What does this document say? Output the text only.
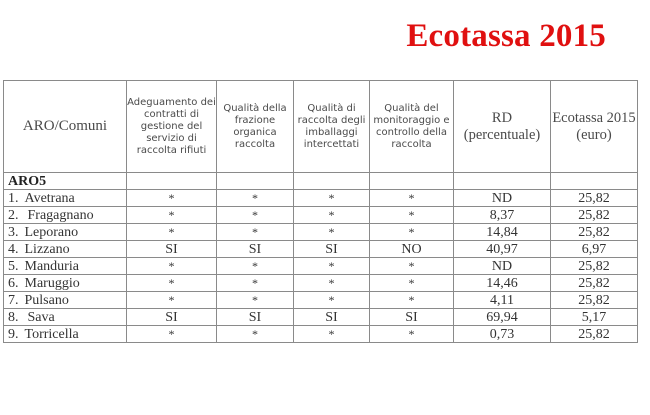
Ecotassa 2015
ARO/Comuni	Adeguamento dei contratti di gestione del servizio di raccolta rifiuti	Qualità della frazione organica raccolta	Qualità di raccolta degli imballaggi intercettati	Qualità del monitoraggio e controllo della raccolta	RD (percentuale)	Ecotassa 2015 (euro)
ARO5						
1. Avetrana	*	*	*	*	ND	25,82
2. Fragagnano	*	*	*	*	8,37	25,82
3. Leporano	*	*	*	*	14,84	25,82
4. Lizzano	SI	SI	SI	NO	40,97	6,97
5. Manduria	*	*	*	*	ND	25,82
6. Maruggio	*	*	*	*	14,46	25,82
7. Pulsano	*	*	*	*	4,11	25,82
8. Sava	SI	SI	SI	SI	69,94	5,17
9. Torricella	*	*	*	*	0,73	25,82
